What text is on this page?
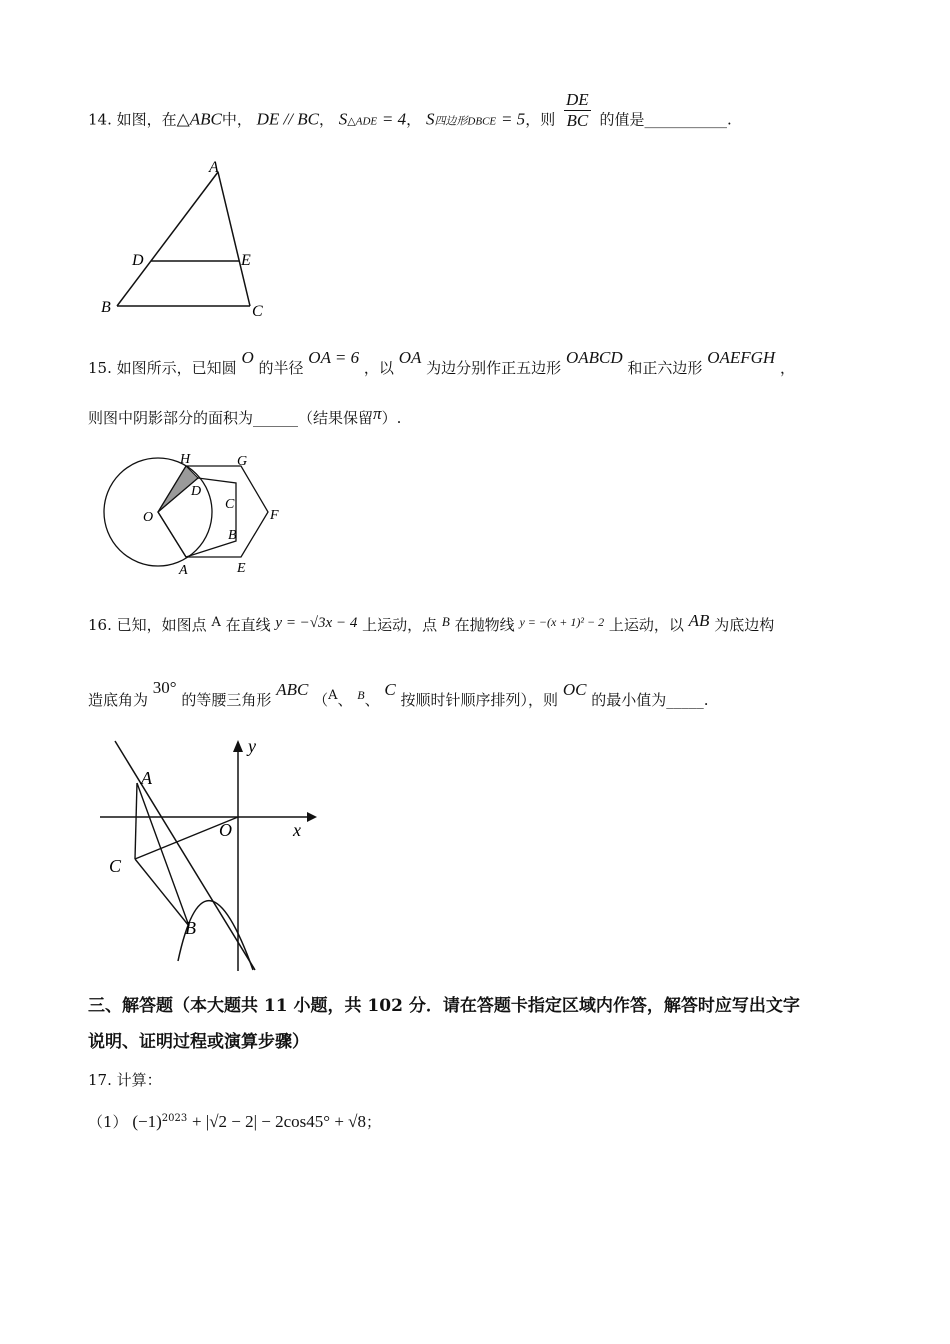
14. 如图，在△ABC中， DE // BC， S△ADE = 4， S四边形DBCE = 5，则 $\frac{DE}{BC}$ 的值是___________.
A
D	E
B	C
15. 如图所示，已知圆 O 的半径 OA = 6 ，以 OA 为边分别作正五边形 OABCD 和正六边形 OAEFGH ，
则图中阴影部分的面积为______（结果保留π）.
H	G
D
C
O	F
B
A	E
16. 已知，如图点 A 在直线 y = −√3x − 4 上运动，点 B 在抛物线 $^{y = -(x + 1)^2 - 2}$ 上运动，以 AB 为底边构
造底角为 30° 的等腰三角形 ABC （A、 $^B$、 C 按顺时针顺序排列），则 OC 的最小值为_____.
y
A
O	x
C
B
三、解答题（本大题共 11 小题，共 102 分．请在答题卡指定区域内作答，解答时应写出文字
说明、证明过程或演算步骤）
17. 计算：
（1） $(-1)^{2023} + |√2 - 2| - 2\cos 45^\circ + √8$；
